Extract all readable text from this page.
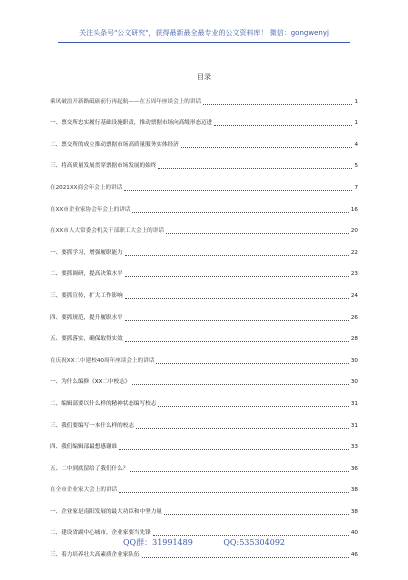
关注头条号"公文研究"，获得最新最全最专业的公文资料库！ 微信：gongwenyj
目录
乘风破浪开新路砥砺前行再起航——在五周年座谈会上的讲话	1
一、票交所忠实履行基础设施职责，推动票据市场向高级形态迈进	1
二、票交所的成立推动票据市场高质量服务实体经济	4
三、将高质量发展贯穿票据市场发展的始终	5
在2021XX商会年会上的讲话	7
在XX市企业家协会年会上的讲话	16
在XX市人大常委会机关干部职工大会上的讲话	20
一、要抓学习，增强履职能力	22
二、要抓调研，提高决策水平	23
三、要抓宣传，扩大工作影响	24
四、要抓规范，提升履职水平	26
五、要抓落实，确保取得实效	28
在庆祝XX二中建校40周年座谈会上的讲话	30
一、为什么编修《XX二中校志》	30
二、编辑部要以什么样的精神状态编写校志	31
三、我们要编写一本什么样的校志	31
四、我们编辑部最想感谢谁	33
五、二中到底留给了我们什么？	36
在全市企业家大会上的讲话	38
一、企业家是南阳发展的最大功臣和中坚力量	38
二、建设省副中心城市，企业家要当先锋	40
三、着力培养壮大高素质企业家队伍	46
QQ群：31991489	QQ:535304092
